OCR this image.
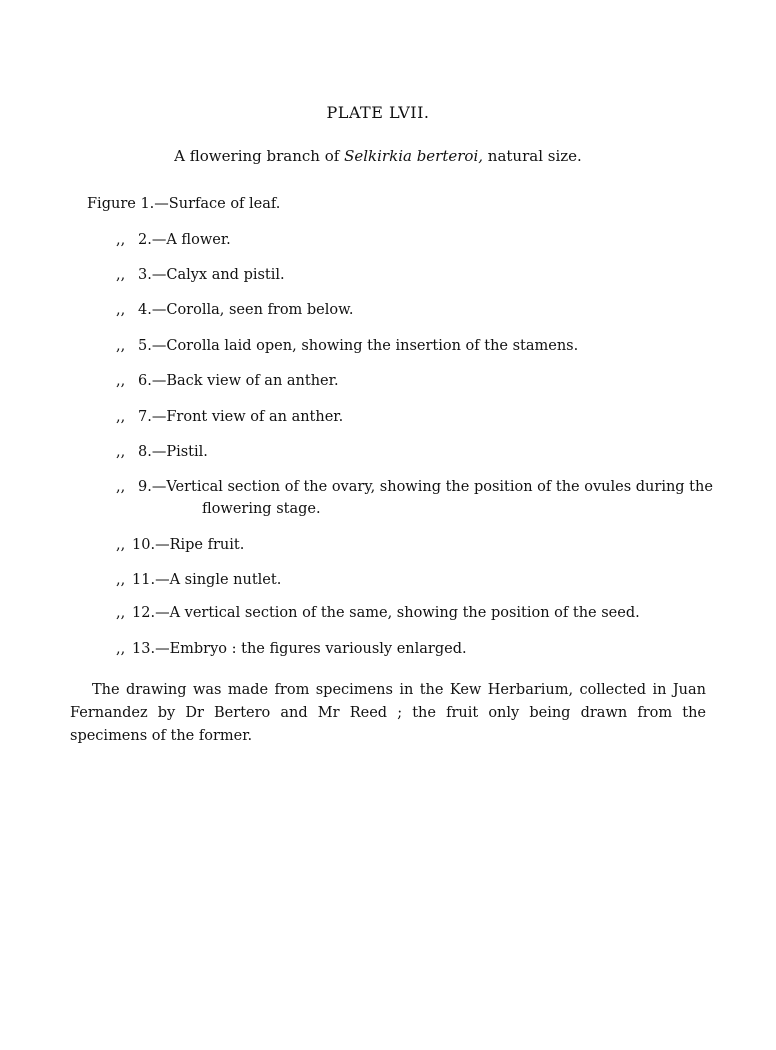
PLATE LVII.
A flowering branch of Selkirkia berteroi, natural size.
Figure 1.—Surface of leaf.
,, 2.—A flower.
,, 3.—Calyx and pistil.
,, 4.—Corolla, seen from below.
,, 5.—Corolla laid open, showing the insertion of the stamens.
,, 6.—Back view of an anther.
,, 7.—Front view of an anther.
,, 8.—Pistil.
,, 9.—Vertical section of the ovary, showing the position of the ovules during the
flowering stage.
,, 10.—Ripe fruit.
,, 11.—A single nutlet.
,, 12.—A vertical section of the same, showing the position of the seed.
,, 13.—Embryo : the figures variously enlarged.
The drawing was made from specimens in the Kew Herbarium, collected in Juan Fernandez by Dr Bertero and Mr Reed ; the fruit only being drawn from the specimens of the former.
